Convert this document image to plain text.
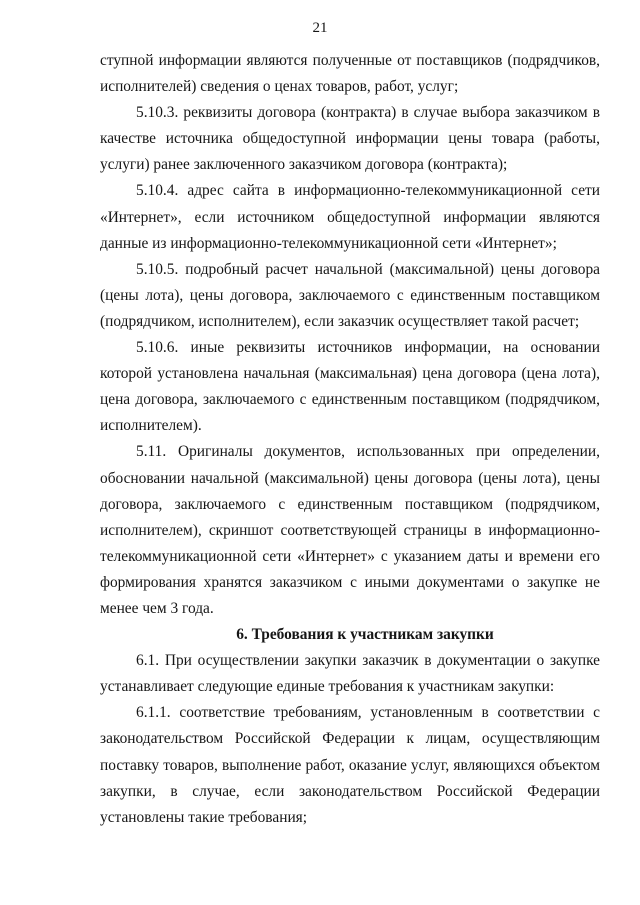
21

ступной информации являются полученные от поставщиков (подрядчиков, исполнителей) сведения о ценах товаров, работ, услуг;

5.10.3. реквизиты договора (контракта) в случае выбора заказчиком в качестве источника общедоступной информации цены товара (работы, услуги) ранее заключенного заказчиком договора (контракта);

5.10.4. адрес сайта в информационно-телекоммуникационной сети «Интернет», если источником общедоступной информации являются данные из информационно-телекоммуникационной сети «Интернет»;

5.10.5. подробный расчет начальной (максимальной) цены договора (цены лота), цены договора, заключаемого с единственным поставщиком (подрядчиком, исполнителем), если заказчик осуществляет такой расчет;

5.10.6. иные реквизиты источников информации, на основании которой установлена начальная (максимальная) цена договора (цена лота), цена договора, заключаемого с единственным поставщиком (подрядчиком, исполнителем).

5.11. Оригиналы документов, использованных при определении, обосновании начальной (максимальной) цены договора (цены лота), цены договора, заключаемого с единственным поставщиком (подрядчиком, исполнителем), скриншот соответствующей страницы в информационно-телекоммуникационной сети «Интернет» с указанием даты и времени его формирования хранятся заказчиком с иными документами о закупке не менее чем 3 года.

6. Требования к участникам закупки

6.1. При осуществлении закупки заказчик в документации о закупке устанавливает следующие единые требования к участникам закупки:

6.1.1. соответствие требованиям, установленным в соответствии с законодательством Российской Федерации к лицам, осуществляющим поставку товаров, выполнение работ, оказание услуг, являющихся объектом закупки, в случае, если законодательством Российской Федерации установлены такие требования;
